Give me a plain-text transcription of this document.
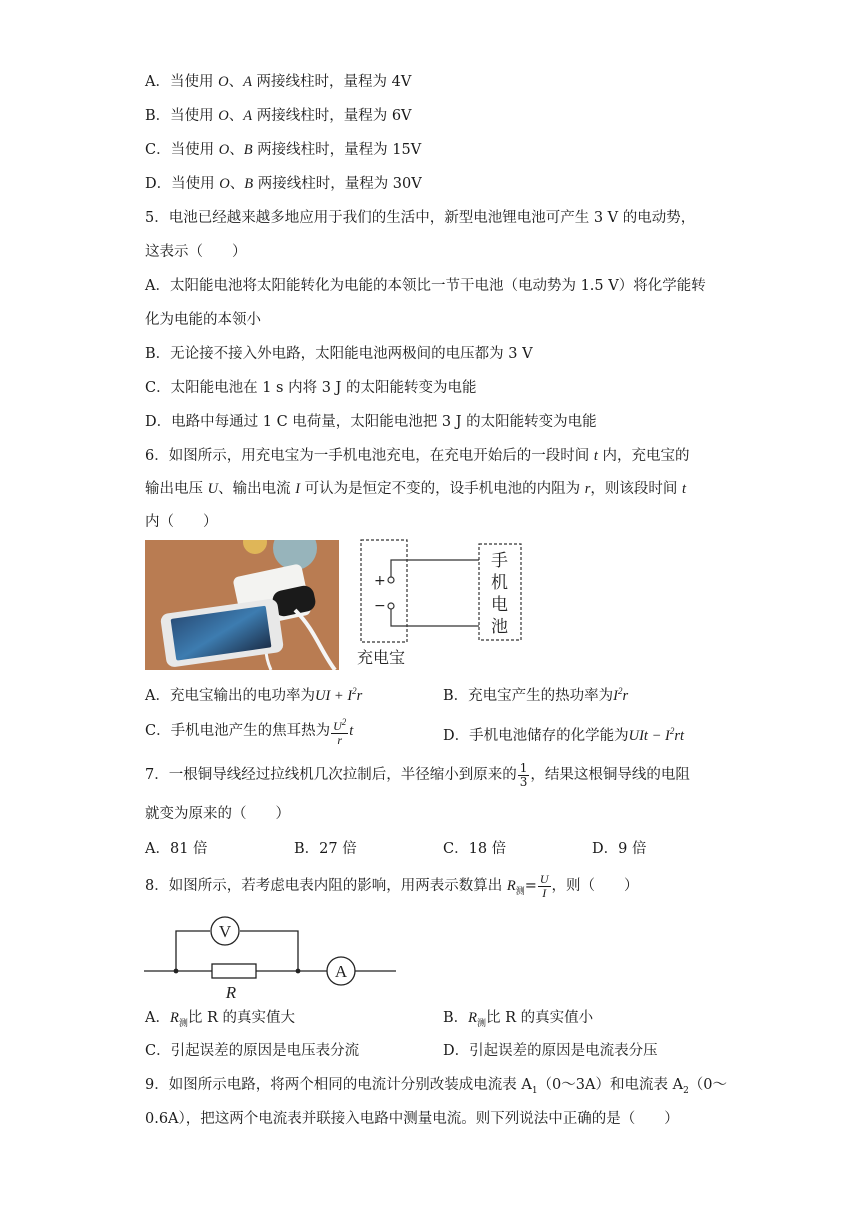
A．当使用 O、A 两接线柱时，量程为 4V
B．当使用 O、A 两接线柱时，量程为 6V
C．当使用 O、B 两接线柱时，量程为 15V
D．当使用 O、B 两接线柱时，量程为 30V
5．电池已经越来越多地应用于我们的生活中，新型电池锂电池可产生 3 V 的电动势，
这表示（　　）
A．太阳能电池将太阳能转化为电能的本领比一节干电池（电动势为 1.5 V）将化学能转
化为电能的本领小
B．无论接不接入外电路，太阳能电池两极间的电压都为 3 V
C．太阳能电池在 1 s 内将 3 J 的太阳能转变为电能
D．电路中每通过 1 C 电荷量，太阳能电池把 3 J 的太阳能转变为电能
6．如图所示，用充电宝为一手机电池充电，在充电开始后的一段时间 t 内，充电宝的
输出电压 U、输出电流 I 可认为是恒定不变的，设手机电池的内阻为 r，则该段时间 t
内（　　）
+
−
手
机
电
池
充电宝
A．充电宝输出的电功率为UI + $I^2r$	B．充电宝产生的热功率为$I^2r$
C．手机电池产生的焦耳热为 $\frac{U^2}{r}$ t	D．手机电池储存的化学能为UIt − $I^2rt$
7．一根铜导线经过拉线机几次拉制后，半径缩小到原来的 $\frac{1}{3}$ ，结果这根铜导线的电阻
就变为原来的（　　）
A．81 倍	B．27 倍	C．18 倍	D．9 倍
8．如图所示，若考虑电表内阻的影响，用两表示数算出 $R_测= \frac{U}{I}$ ，则（　　）
V
R
A
A．$R_测$比 R 的真实值大	B．$R_测$比 R 的真实值小
C．引起误差的原因是电压表分流	D．引起误差的原因是电流表分压
9．如图所示电路，将两个相同的电流计分别改装成电流表 $A_1(0\sim 3A)$和电流表 $A_2(0\sim$
0.6A），把这两个电流表并联接入电路中测量电流。则下列说法中正确的是（　　）
